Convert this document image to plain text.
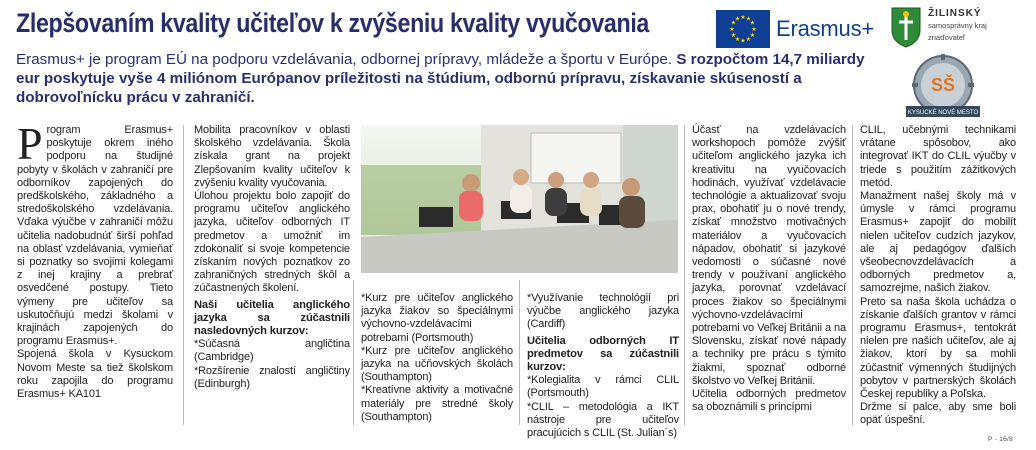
Zlepšovaním kvality učiteľov k zvýšeniu kvality vyučovania	★ ★
★
★
★
★
★
★
★
★
★
★ Erasmus+
ŽILINSKÝ
samosprávny kraj
zriaďovateľ
SŠ
KYSUCKÉ NOVÉ MESTO
Erasmus+ je program EÚ na podporu vzdelávania, odbornej prípravy, mládeže a športu v Európe. S rozpočtom 14,7 miliardy eur poskytuje vyše 4 miliónom Európanov príležitosti na štúdium, odbornú prípravu, získavanie skúseností a dobrovoľnícku prácu v zahraničí.
P rogram Erasmus+ poskytuje okrem iného podporu na študijné pobyty v školách v zahraničí pre odborníkov zapojených do predškolského, základného a stredoškolského vzdelávania. Vďaka výučbe v zahraničí môžu učitelia nadobudnúť širší pohľad na oblasť vzdelávania, vymieňať si poznatky so svojimi kolegami z inej krajiny a prebrať osvedčené postupy. Tieto výmeny pre učiteľov sa uskutočňujú medzi školami v krajinách zapojených do programu Erasmus+.

Spojená škola v Kysuckom Novom Meste sa tiež školskom roku zapojila do programu Erasmus+ KA101

Mobilita pracovníkov v oblasti školského vzdelávania. Škola získala grant na projekt Zlepšovaním kvality učiteľov k zvýšeniu kvality vyučovania.

Úlohou projektu bolo zapojiť do programu učiteľov anglického jazyka, učiteľov odborných IT predmetov a umožniť im zdokonaliť si svoje kompetencie získaním nových poznatkov zo zahraničných stredných škôl a zúčastnených školení.

Naši učitelia anglického jazyka sa zúčastnili nasledovných kurzov:

*Súčasná angličtina (Cambridge)

*Rozšírenie znalostí angličtiny (Edinburgh)

*Kurz pre učiteľov anglického jazyka žiakov so špeciálnymi výchovno-vzdelávacími potrebami (Portsmouth)

*Kurz pre učiteľov anglického jazyka na učňovských školách (Southampton)

*Kreatívne aktivity a motivačné materiály pre stredné školy (Southampton)

*Využívanie technológií pri výučbe anglického jazyka (Cardiff)

Učitelia odborných IT predmetov sa zúčastnili kurzov:

*Kolegialita v rámci CLIL (Portsmouth)

*CLIL – metodológia a IKT nástroje pre učiteľov pracujúcich s CLIL (St. Julian´s)

Účasť na vzdelávacích workshopoch pomôže zvýšiť učiteľom anglického jazyka ich kreativitu na vyučovacích hodinách, využívať vzdelávacie technológie a aktualizovať svoju prax, obohatiť ju o nové trendy, získať množstvo motivačných materiálov a vyučovacích nápadov, obohatiť si jazykové vedomosti o súčasné nové trendy v používaní anglického jazyka, porovnať vzdelávací proces žiakov so špeciálnymi výchovno-vzdelávacími potrebami vo Veľkej Británii a na Slovensku, získať nové nápady a techniky pre prácu s týmito žiakmi, spoznať odborné školstvo vo Veľkej Británii.

Učitelia odborných predmetov sa oboznámili s princípmi

CLIL, učebnými technikami vrátane spôsobov, ako integrovať IKT do CLIL výučby v triede s použitím zážitkových metód.

Manažment našej školy má v úmysle v rámci programu Erasmus+ zapojiť do mobilít nielen učiteľov cudzích jazykov, ale aj pedagógov ďalších všeobecnovzdelávacích a odborných predmetov a, samozrejme, našich žiakov.

Preto sa naša škola uchádza o získanie ďalších grantov v rámci programu Erasmus+, tentokrát nielen pre našich učiteľov, ale aj žiakov, ktorí by sa mohli zúčastniť výmenných študijných pobytov v partnerských školách Českej republiky a Poľska.

Držme si palce, aby sme boli opäť úspešní.

P - 16/8
